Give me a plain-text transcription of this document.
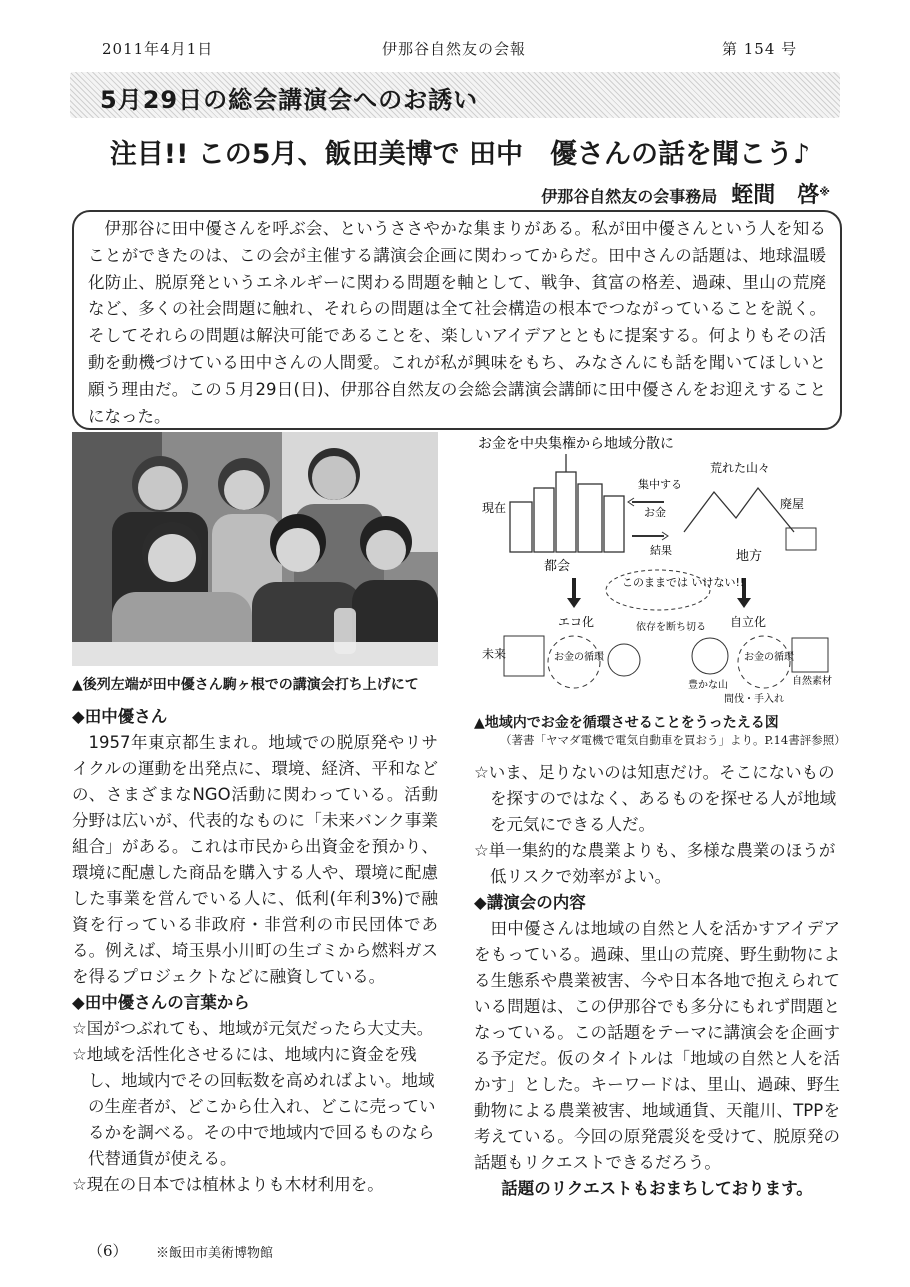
2011年4月1日	伊那谷自然友の会報	第 154 号
5月29日の総会講演会へのお誘い
注目!! この5月、飯田美博で 田中　優さんの話を聞こう♪
伊那谷自然友の会事務局 蛭間　啓※
伊那谷に田中優さんを呼ぶ会、というささやかな集まりがある。私が田中優さんという人を知ることができたのは、この会が主催する講演会企画に関わってからだ。田中さんの話題は、地球温暖化防止、脱原発というエネルギーに関わる問題を軸として、戦争、貧富の格差、過疎、里山の荒廃など、多くの社会問題に触れ、それらの問題は全て社会構造の根本でつながっていることを説く。そしてそれらの問題は解決可能であることを、楽しいアイデアとともに提案する。何よりもその活動を動機づけている田中さんの人間愛。これが私が興味をもち、みなさんにも話を聞いてほしいと願う理由だ。この５月29日(日)、伊那谷自然友の会総会講演会講師に田中優さんをお迎えすることになった。
▲後列左端が田中優さん駒ヶ根での講演会打ち上げにて
お金を中央集権から地域分散に
現在
都会
集中する
お金
結果
荒れた山々
廃屋
地方
このままでは いけない!!
エコ化	自立化
未来	お金の循環
依存を断ち切る
豊かな山
お金の循環
自然素材
間伐・手入れ
▲地域内でお金を循環させることをうったえる図
（著書「ヤマダ電機で電気自動車を買おう」より。P.14書評参照）

◆田中優さん

1957年東京都生まれ。地域での脱原発やリサイクルの運動を出発点に、環境、経済、平和などの、さまざまなNGO活動に関わっている。活動分野は広いが、代表的なものに「未来バンク事業組合」がある。これは市民から出資金を預かり、環境に配慮した商品を購入する人や、環境に配慮した事業を営んでいる人に、低利(年利3%)で融資を行っている非政府・非営利の市民団体である。例えば、埼玉県小川町の生ゴミから燃料ガスを得るプロジェクトなどに融資している。

◆田中優さんの言葉から

☆国がつぶれても、地域が元気だったら大丈夫。

☆地域を活性化させるには、地域内に資金を残し、地域内でその回転数を高めればよい。地域の生産者が、どこから仕入れ、どこに売っているかを調べる。その中で地域内で回るものなら代替通貨が使える。

☆現在の日本では植林よりも木材利用を。

☆いま、足りないのは知恵だけ。そこにないものを探すのではなく、あるものを探せる人が地域を元気にできる人だ。

☆単一集約的な農業よりも、多様な農業のほうが低リスクで効率がよい。

◆講演会の内容

田中優さんは地域の自然と人を活かすアイデアをもっている。過疎、里山の荒廃、野生動物による生態系や農業被害、今や日本各地で抱えられている問題は、この伊那谷でも多分にもれず問題となっている。この話題をテーマに講演会を企画する予定だ。仮のタイトルは「地域の自然と人を活かす」とした。キーワードは、里山、過疎、野生動物による農業被害、地域通貨、天龍川、TPPを考えている。今回の原発震災を受けて、脱原発の話題もリクエストできるだろう。

話題のリクエストもおまちしております。

（6） ※飯田市美術博物館
